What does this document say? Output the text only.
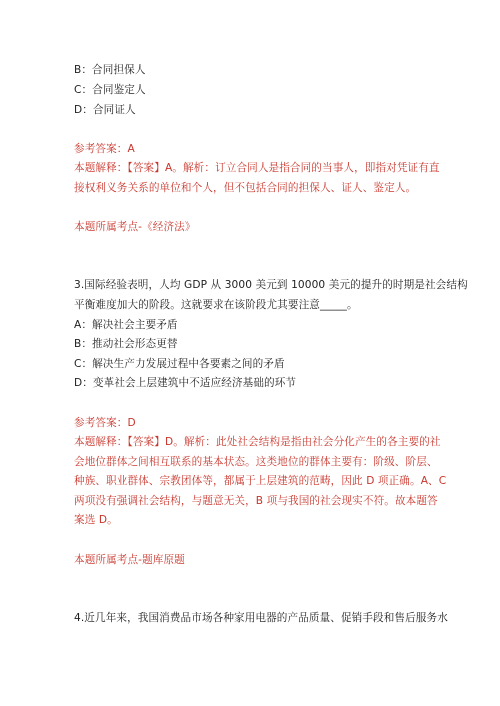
B：合同担保人
C：合同鉴定人
D：合同证人
参考答案：A
本题解释：【答案】A。解析：订立合同人是指合同的当事人，即指对凭证有直
接权利义务关系的单位和个人，但不包括合同的担保人、证人、鉴定人。
本题所属考点-《经济法》
3.国际经验表明，人均 GDP 从 3000 美元到 10000 美元的提升的时期是社会结构
平衡难度加大的阶段。这就要求在该阶段尤其要注意_____。
A：解决社会主要矛盾
B：推动社会形态更替
C：解决生产力发展过程中各要素之间的矛盾
D：变革社会上层建筑中不适应经济基础的环节
参考答案：D
本题解释：【答案】D。解析：此处社会结构是指由社会分化产生的各主要的社
会地位群体之间相互联系的基本状态。这类地位的群体主要有：阶级、阶层、
种族、职业群体、宗教团体等，都属于上层建筑的范畴，因此 D 项正确。A、C
两项没有强调社会结构，与题意无关，B 项与我国的社会现实不符。故本题答
案选 D。
本题所属考点-题库原题
4.近几年来，我国消费品市场各种家用电器的产品质量、促销手段和售后服务水
